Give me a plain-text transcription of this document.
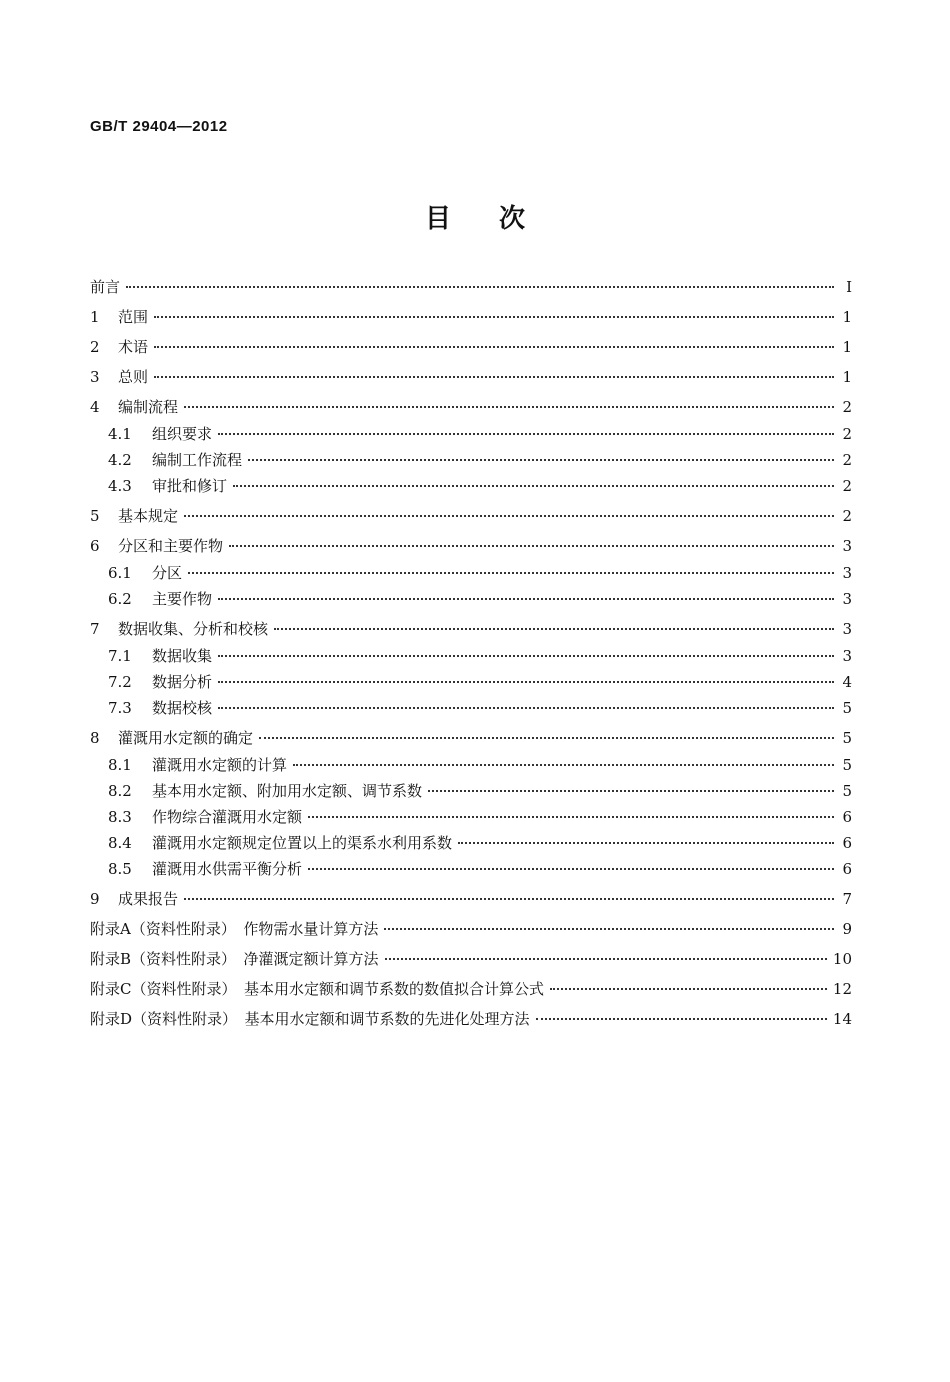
GB/T 29404—2012
目次
前言	Ⅰ
1	范围	1
2	术语	1
3	总则	1
4	编制流程	2
4.1	组织要求	2
4.2	编制工作流程	2
4.3	审批和修订	2
5	基本规定	2
6	分区和主要作物	3
6.1	分区	3
6.2	主要作物	3
7	数据收集、分析和校核	3
7.1	数据收集	3
7.2	数据分析	4
7.3	数据校核	5
8	灌溉用水定额的确定	5
8.1	灌溉用水定额的计算	5
8.2	基本用水定额、附加用水定额、调节系数	5
8.3	作物综合灌溉用水定额	6
8.4	灌溉用水定额规定位置以上的渠系水利用系数	6
8.5	灌溉用水供需平衡分析	6
9	成果报告	7
附录A（资料性附录）　作物需水量计算方法	9
附录B（资料性附录）　净灌溉定额计算方法	10
附录C（资料性附录）　基本用水定额和调节系数的数值拟合计算公式	12
附录D（资料性附录）　基本用水定额和调节系数的先进化处理方法	14
